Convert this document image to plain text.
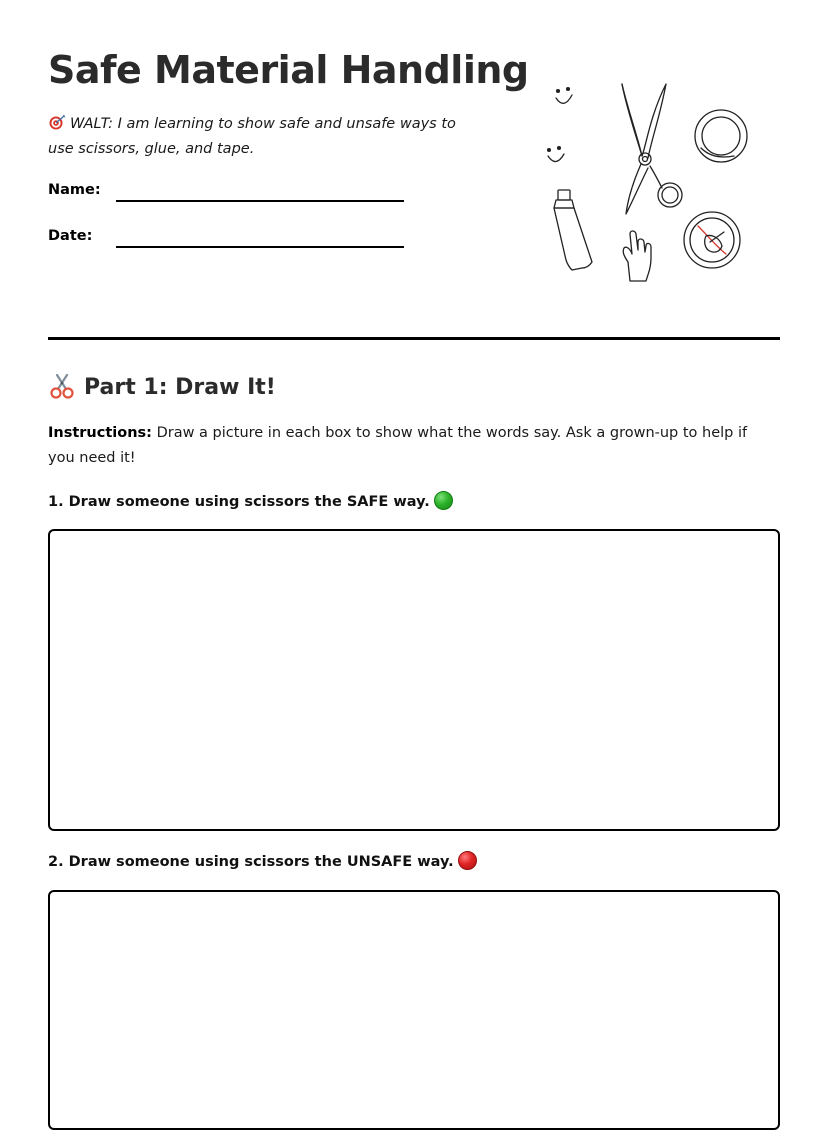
Safe Material Handling

WALT: I am learning to show safe and unsafe ways to use scissors, glue, and tape.

Name:
Date:
Part 1: Draw It!

Instructions: Draw a picture in each box to show what the words say. Ask a grown-up to help if you need it!

1. Draw someone using scissors the SAFE way.

2. Draw someone using scissors the UNSAFE way.
